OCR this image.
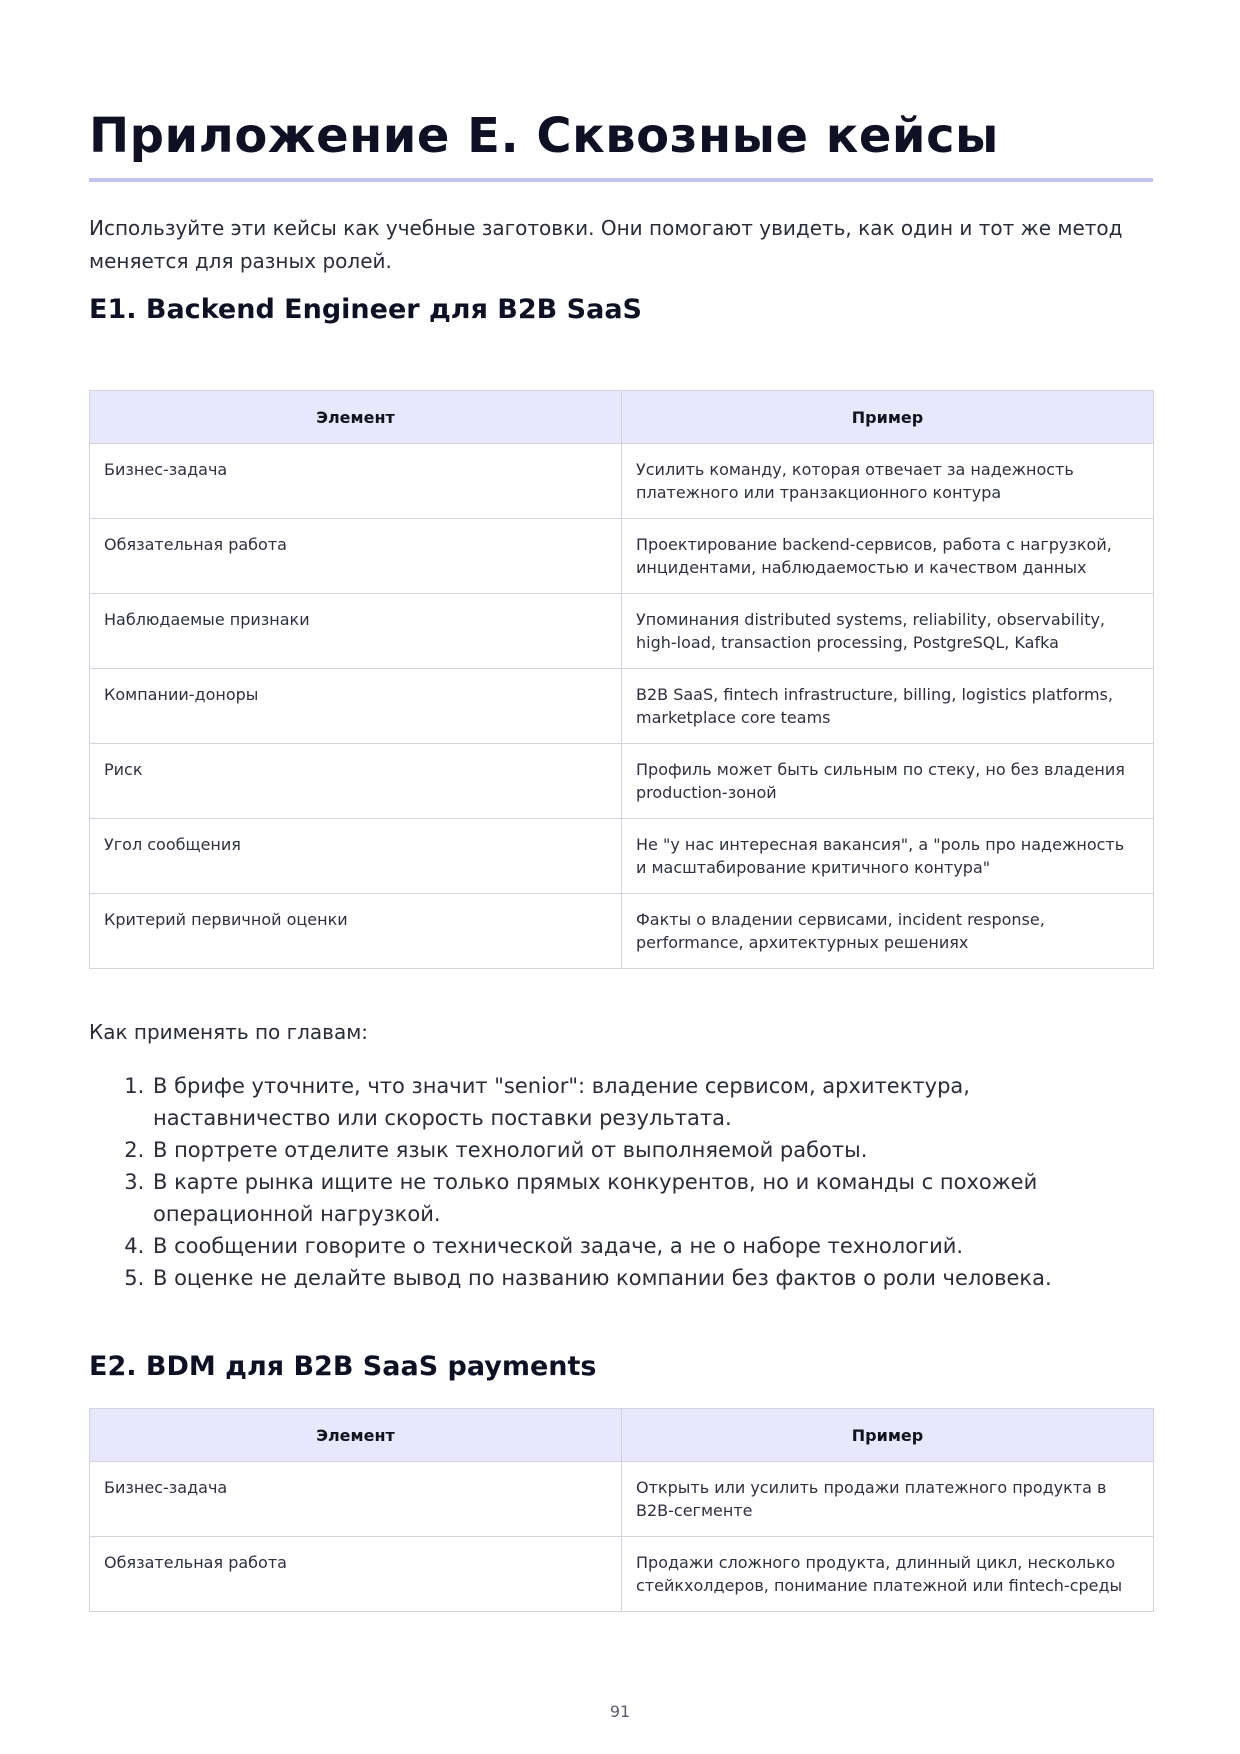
Приложение Е. Сквозные кейсы

Используйте эти кейсы как учебные заготовки. Они помогают увидеть, как один и тот же метод меняется для разных ролей.

E1. Backend Engineer для B2B SaaS
Элемент	Пример
Бизнес-задача	Усилить команду, которая отвечает за надежность платежного или транзакционного контура
Обязательная работа	Проектирование backend-сервисов, работа с нагрузкой, инцидентами, наблюдаемостью и качеством данных
Наблюдаемые признаки	Упоминания distributed systems, reliability, observability, high-load, transaction processing, PostgreSQL, Kafka
Компании-доноры	B2B SaaS, fintech infrastructure, billing, logistics platforms, marketplace core teams
Риск	Профиль может быть сильным по стеку, но без владения production-зоной
Угол сообщения	Не "у нас интересная вакансия", а "роль про надежность и масштабирование критичного контура"
Критерий первичной оценки	Факты о владении сервисами, incident response, performance, архитектурных решениях

Как применять по главам:

1. В брифе уточните, что значит "senior": владение сервисом, архитектура, наставничество или скорость поставки результата.
2. В портрете отделите язык технологий от выполняемой работы.
3. В карте рынка ищите не только прямых конкурентов, но и команды с похожей операционной нагрузкой.
4. В сообщении говорите о технической задаче, а не о наборе технологий.
5. В оценке не делайте вывод по названию компании без фактов о роли человека.
E2. BDM для B2B SaaS payments
Элемент	Пример
Бизнес-задача	Открыть или усилить продажи платежного продукта в B2B-сегменте
Обязательная работа	Продажи сложного продукта, длинный цикл, несколько стейкхолдеров, понимание платежной или fintech-среды
91
